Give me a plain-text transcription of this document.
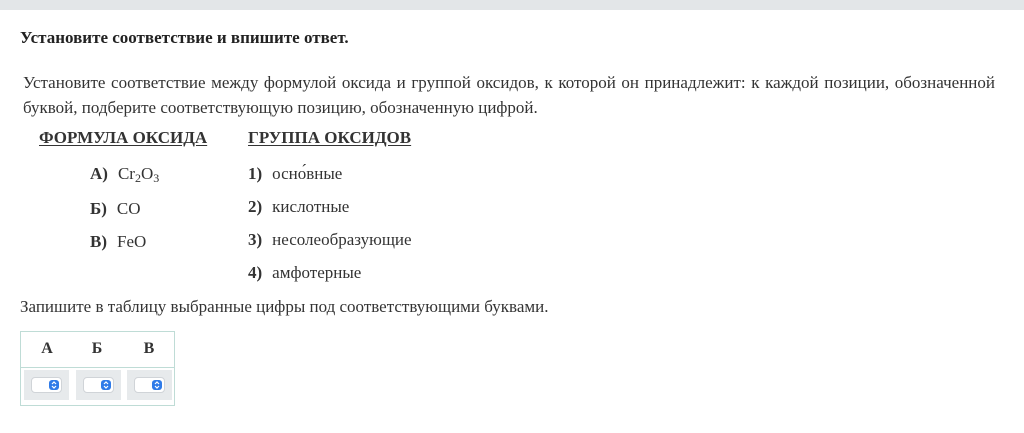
Установите соответствие и впишите ответ.
Установите соответствие между формулой оксида и группой оксидов, к которой он принадлежит: к каждой позиции, обозначенной буквой, подберите соответствующую позицию, обозначенную цифрой.
ФОРМУЛА ОКСИДА ГРУППА ОКСИДОВ
А) $Cr_2O_3$
Б) CO
В) FeO
1) осно́вные
2) кислотные
3) несолеобразующие
4) амфотерные
Запишите в таблицу выбранные цифры под соответствующими буквами.
А	Б	В
